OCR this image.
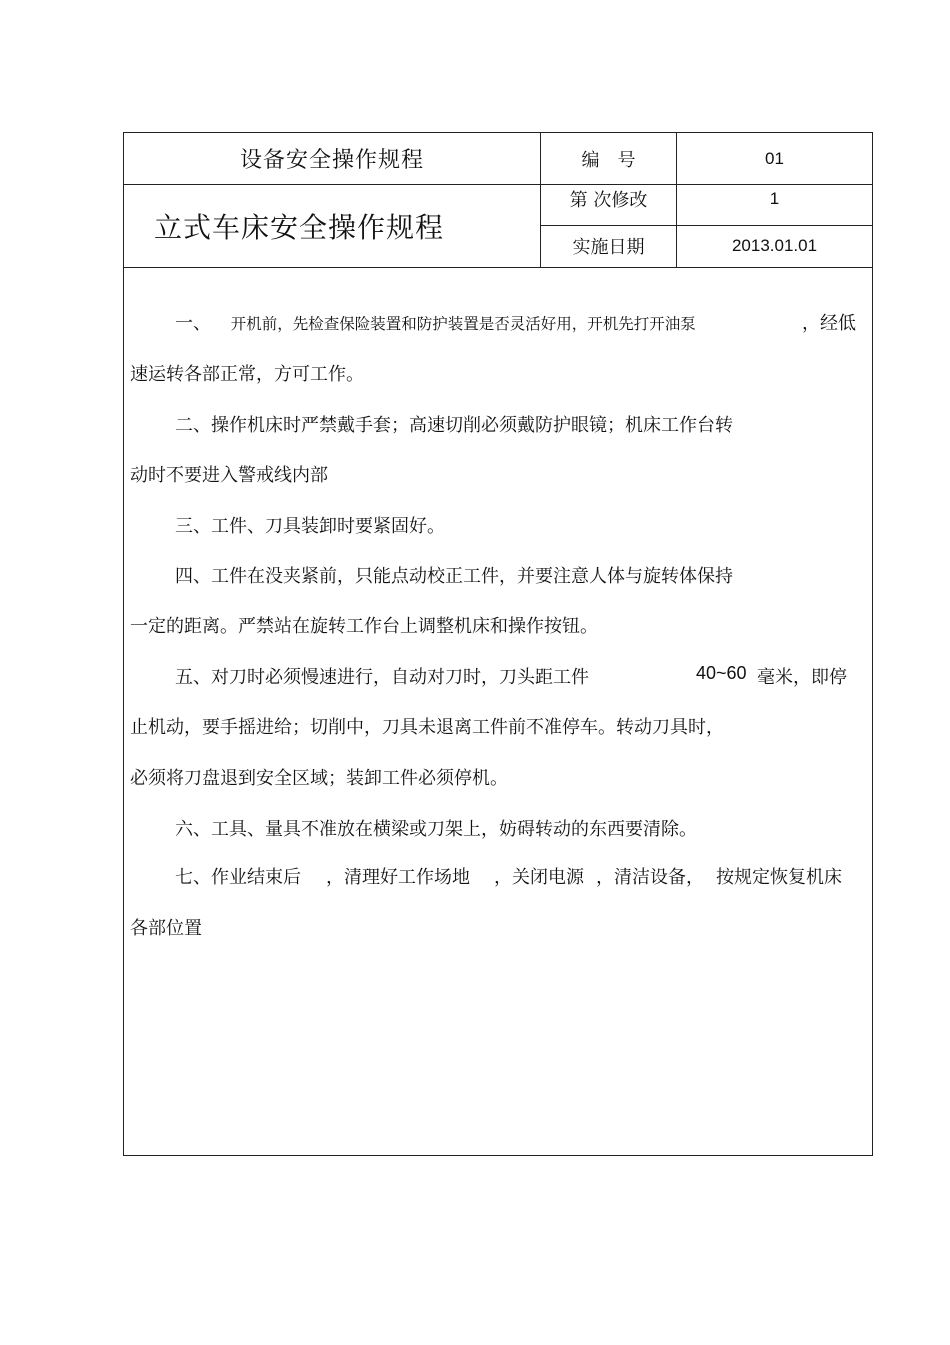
设备安全操作规程
立式车床安全操作规程
编　号	01
第 次修改	1
实施日期	2013.01.01
一、 开机前，先检查保险装置和防护装置是否灵活好用，开机先打开油泵	，经低
速运转各部正常，方可工作。
二、操作机床时严禁戴手套；高速切削必须戴防护眼镜；机床工作台转
动时不要进入警戒线内部
三、工件、刀具装卸时要紧固好。
四、工件在没夹紧前，只能点动校正工件，并要注意人体与旋转体保持
一定的距离。严禁站在旋转工作台上调整机床和操作按钮。
五、对刀时必须慢速进行，自动对刀时，刀头距工件	40~60 毫米，即停
止机动，要手摇进给；切削中，刀具未退离工件前不准停车。转动刀具时，
必须将刀盘退到安全区域；装卸工件必须停机。
六、工具、量具不准放在横梁或刀架上，妨碍转动的东西要清除。
七、作业结束后 ，清理好工作场地 ，关闭电源 ，清洁设备， 按规定恢复机床
各部位置
